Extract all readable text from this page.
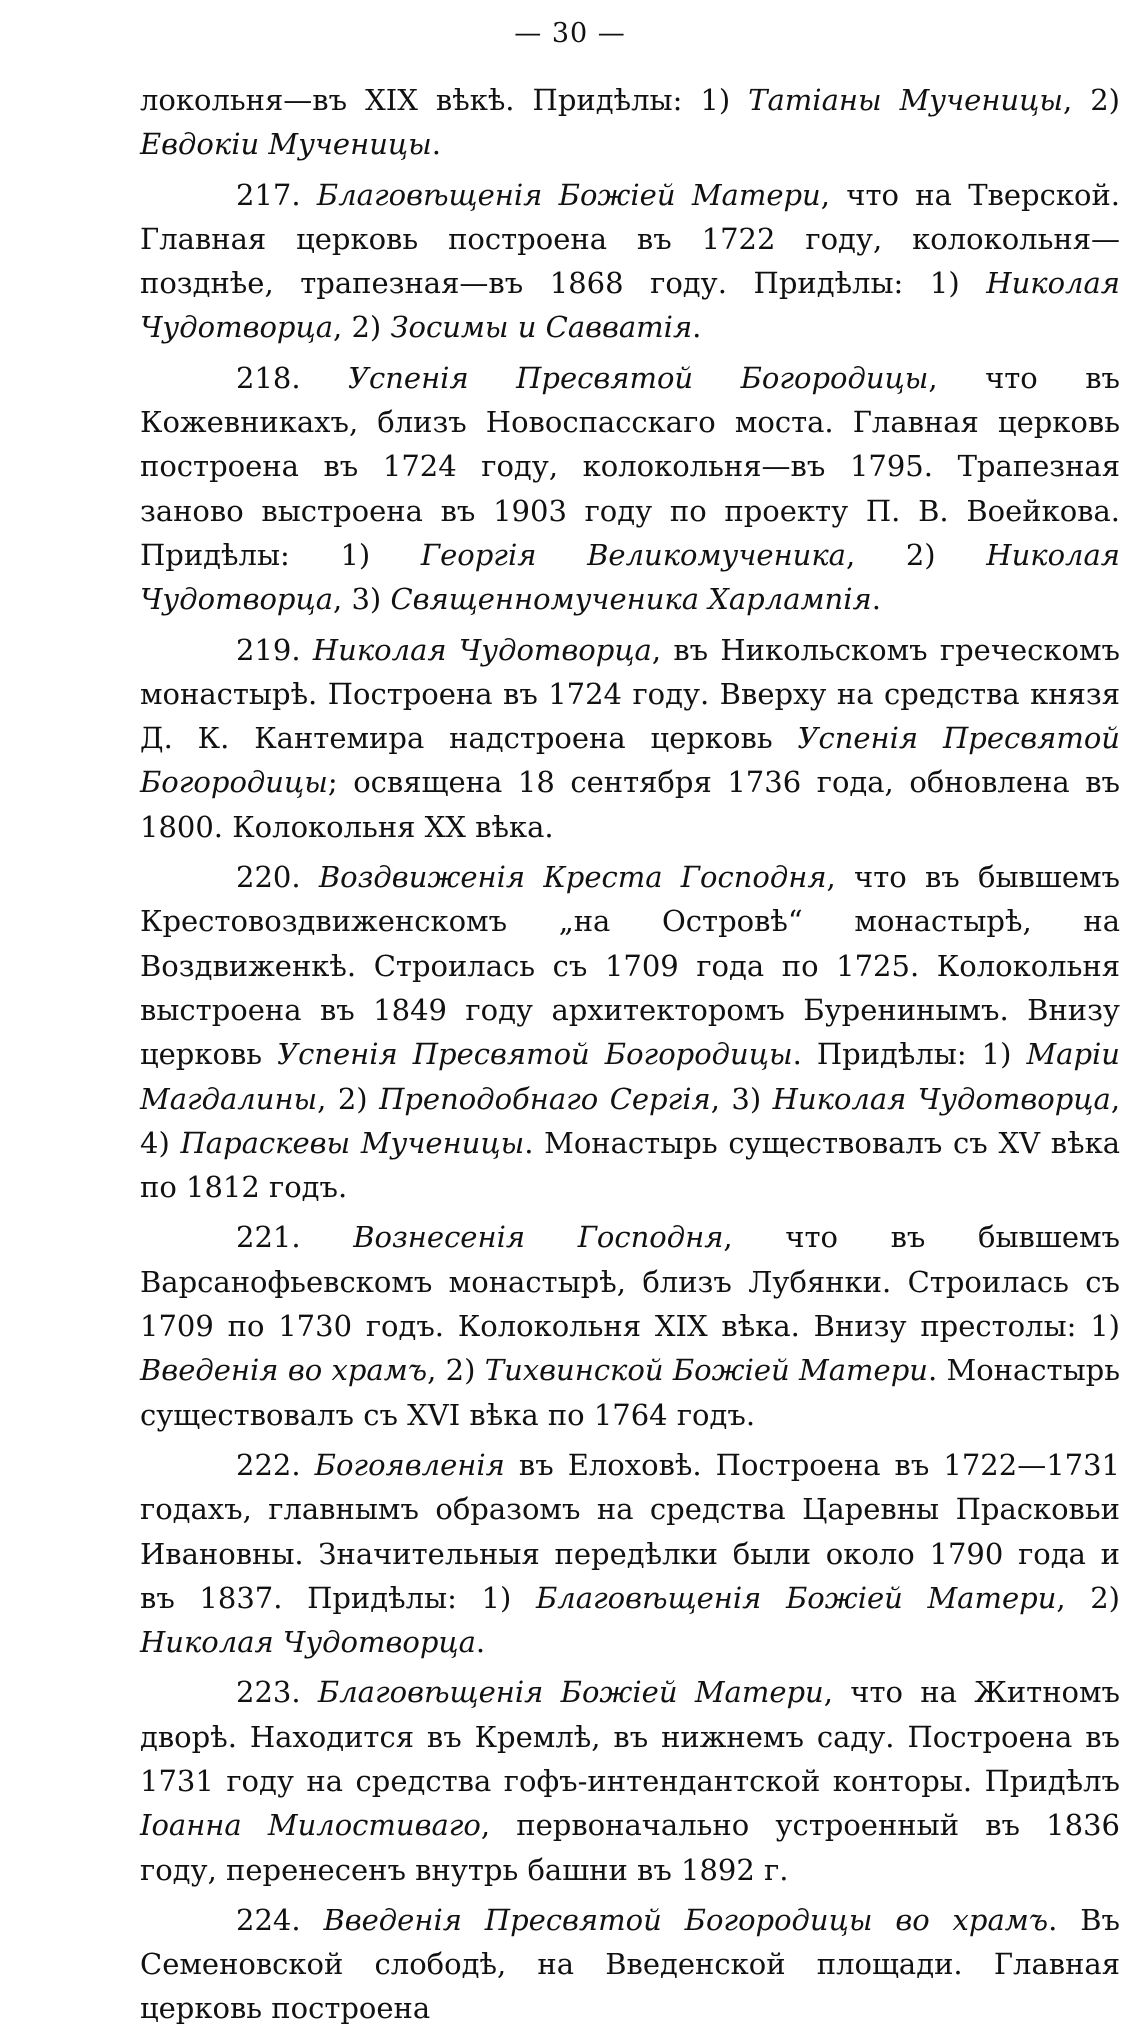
— 30 —

локольня—въ XIX вѣкѣ. Придѣлы: 1) Татіаны Мученицы, 2) Евдокіи Мученицы.

217. Благовѣщенія Божіей Матери, что на Тверской. Главная церковь построена въ 1722 году, колокольня—позднѣе, трапезная—въ 1868 году. Придѣлы: 1) Николая Чудотворца, 2) Зосимы и Савватія.

218. Успенія Пресвятой Богородицы, что въ Кожевникахъ, близъ Новоспасскаго моста. Главная церковь построена въ 1724 году, колокольня—въ 1795. Трапезная заново выстроена въ 1903 году по проекту П. В. Воейкова. Придѣлы: 1) Георгія Великомученика, 2) Николая Чудотворца, 3) Священномученика Харлампія.

219. Николая Чудотворца, въ Никольскомъ греческомъ монастырѣ. Построена въ 1724 году. Вверху на средства князя Д. К. Кантемира надстроена церковь Успенія Пресвятой Богородицы; освящена 18 сентября 1736 года, обновлена въ 1800. Колокольня XX вѣка.

220. Воздвиженія Креста Господня, что въ бывшемъ Крестовоздвиженскомъ „на Островѣ“ монастырѣ, на Воздвиженкѣ. Строилась съ 1709 года по 1725. Колокольня выстроена въ 1849 году архитекторомъ Буренинымъ. Внизу церковь Успенія Пресвятой Богородицы. Придѣлы: 1) Маріи Магдалины, 2) Преподобнаго Сергія, 3) Николая Чудотворца, 4) Параскевы Мученицы. Монастырь существовалъ съ XV вѣка по 1812 годъ.

221. Вознесенія Господня, что въ бывшемъ Варсанофьевскомъ монастырѣ, близъ Лубянки. Строилась съ 1709 по 1730 годъ. Колокольня XIX вѣка. Внизу престолы: 1) Введенія во храмъ, 2) Тихвинской Божіей Матери. Монастырь существовалъ съ XVI вѣка по 1764 годъ.

222. Богоявленія въ Елоховѣ. Построена въ 1722—1731 годахъ, главнымъ образомъ на средства Царевны Прасковьи Ивановны. Значительныя передѣлки были около 1790 года и въ 1837. Придѣлы: 1) Благовѣщенія Божіей Матери, 2) Николая Чудотворца.

223. Благовѣщенія Божіей Матери, что на Житномъ дворѣ. Находится въ Кремлѣ, въ нижнемъ саду. Построена въ 1731 году на средства гофъ-интендантской конторы. Придѣлъ Іоанна Милостиваго, первоначально устроенный въ 1836 году, перенесенъ внутрь башни въ 1892 г.

224. Введенія Пресвятой Богородицы во храмъ. Въ Семеновской слободѣ, на Введенской площади. Главная церковь построена
